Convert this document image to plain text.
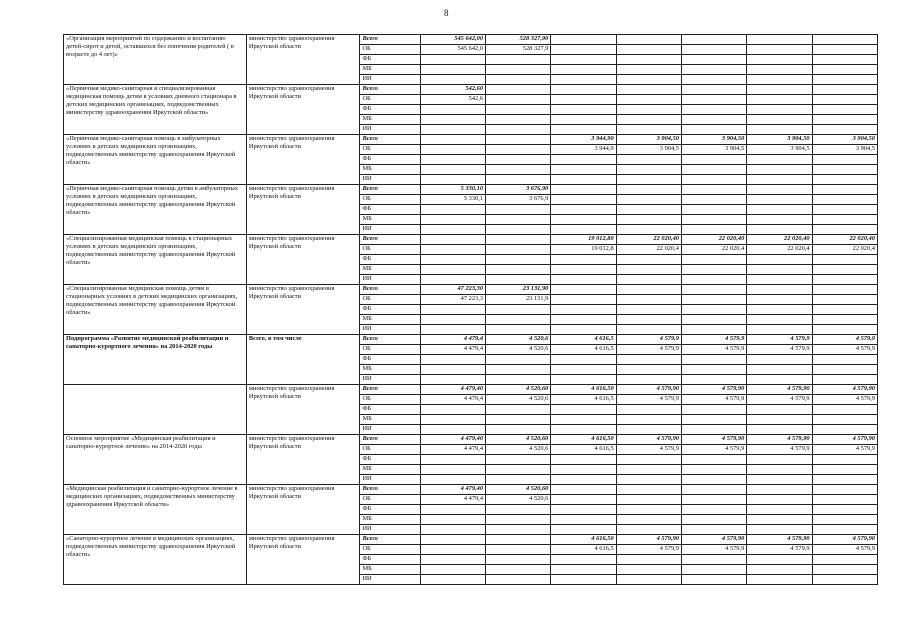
8
«Организация мероприятий по содержанию и воспитанию детей-сирот и детей, оставшихся без попечения родителей ( в возрасте до 4 лет)»	министерство здравоохранения Иркутской области	Всего	545 642,00	528 327,90					
		ОБ	545 642,0	528 327,9					
		ФБ							
		МБ							
		ИИ							
«Первичная медико-санитарная и специализированная медицинская помощь детям в условиях дневного стационара в детских медицинских организациях, подведомственных министерству здравоохранения Иркутской области»	министерство здравоохранения Иркутской области	Всего	542,60						
		ОБ	542,6						
		ФБ							
		МБ							
		ИИ							
«Первичная медико-санитарная помощь в амбулаторных условиях в детских медицинских организациях, подведомственных министерству здравоохранения Иркутской области»	министерство здравоохранения Иркутской области	Всего			3 944,90	3 904,50	3 904,50	3 904,50	3 904,50
		ОБ			3 944,9	3 904,5	3 904,5	3 904,5	3 904,5
		ФБ							
		МБ							
		ИИ							
«Первичная медико-санитарная помощь детям в амбулаторных условиях в детских медицинских организациях, подведомственных министерству здравоохранения Иркутской области»	министерство здравоохранения Иркутской области	Всего	5 330,10	3 676,90					
		ОБ	5 330,1	3 676,9					
		ФБ							
		МБ							
		ИИ							
«Специализированная медицинская помощь в стационарных условиях в детских медицинских организациях, подведомственных министерству здравоохранения Иркутской области»	министерство здравоохранения Иркутской области	Всего			19 012,80	22 020,40	22 020,40	22 020,40	22 020,40
		ОБ			19 012,8	22 020,4	22 020,4	22 020,4	22 020,4
		ФБ							
		МБ							
		ИИ							
«Специализированная медицинская помощь детям в стационарных условиях в детских медицинских организациях, подведомственных министерству здравоохранения Иркутской области»	министерство здравоохранения Иркутской области	Всего	47 223,30	23 131,90					
		ОБ	47 223,3	23 131,9					
		ФБ							
		МБ							
		ИИ							
Подпрограмма «Развитие медицинской реабилитации и санаторно-курортного лечения» на 2014-2020 годы	Всего, в том числе	Всего	4 479,4	4 520,6	4 616,5	4 579,9	4 579,9	4 579,9	4 579,9
		ОБ	4 479,4	4 520,6	4 616,5	4 579,9	4 579,9	4 579,9	4 579,9
		ФБ							
		МБ							
		ИИ							
	министерство здравоохранения Иркутской области	Всего	4 479,40	4 520,60	4 616,50	4 579,90	4 579,90	4 579,90	4 579,90
		ОБ	4 479,4	4 520,6	4 616,5	4 579,9	4 579,9	4 579,9	4 579,9
		ФБ							
		МБ							
		ИИ							
Основное мероприятие «Медицинская реабилитация и санаторно-курортное лечение» на 2014-2020 годы	министерство здравоохранения Иркутской области	Всего	4 479,40	4 520,60	4 616,50	4 579,90	4 579,90	4 579,90	4 579,90
		ОБ	4 479,4	4 520,6	4 616,5	4 579,9	4 579,9	4 579,9	4 579,9
		ФБ							
		МБ							
		ИИ							
«Медицинская реабилитация и санаторно-курортное лечение в медицинских организациях, подведомственных министерству здравоохранения Иркутской области»	министерство здравоохранения Иркутской области	Всего	4 479,40	4 520,60					
		ОБ	4 479,4	4 520,6					
		ФБ							
		МБ							
		ИИ							
«Санаторно-курортное лечение в медицинских организациях, подведомственных министерству здравоохранения Иркутской области»	министерство здравоохранения Иркутской области	Всего			4 616,50	4 579,90	4 579,90	4 579,90	4 579,90
		ОБ			4 616,5	4 579,9	4 579,9	4 579,9	4 579,9
		ФБ							
		МБ							
		ИИ							
